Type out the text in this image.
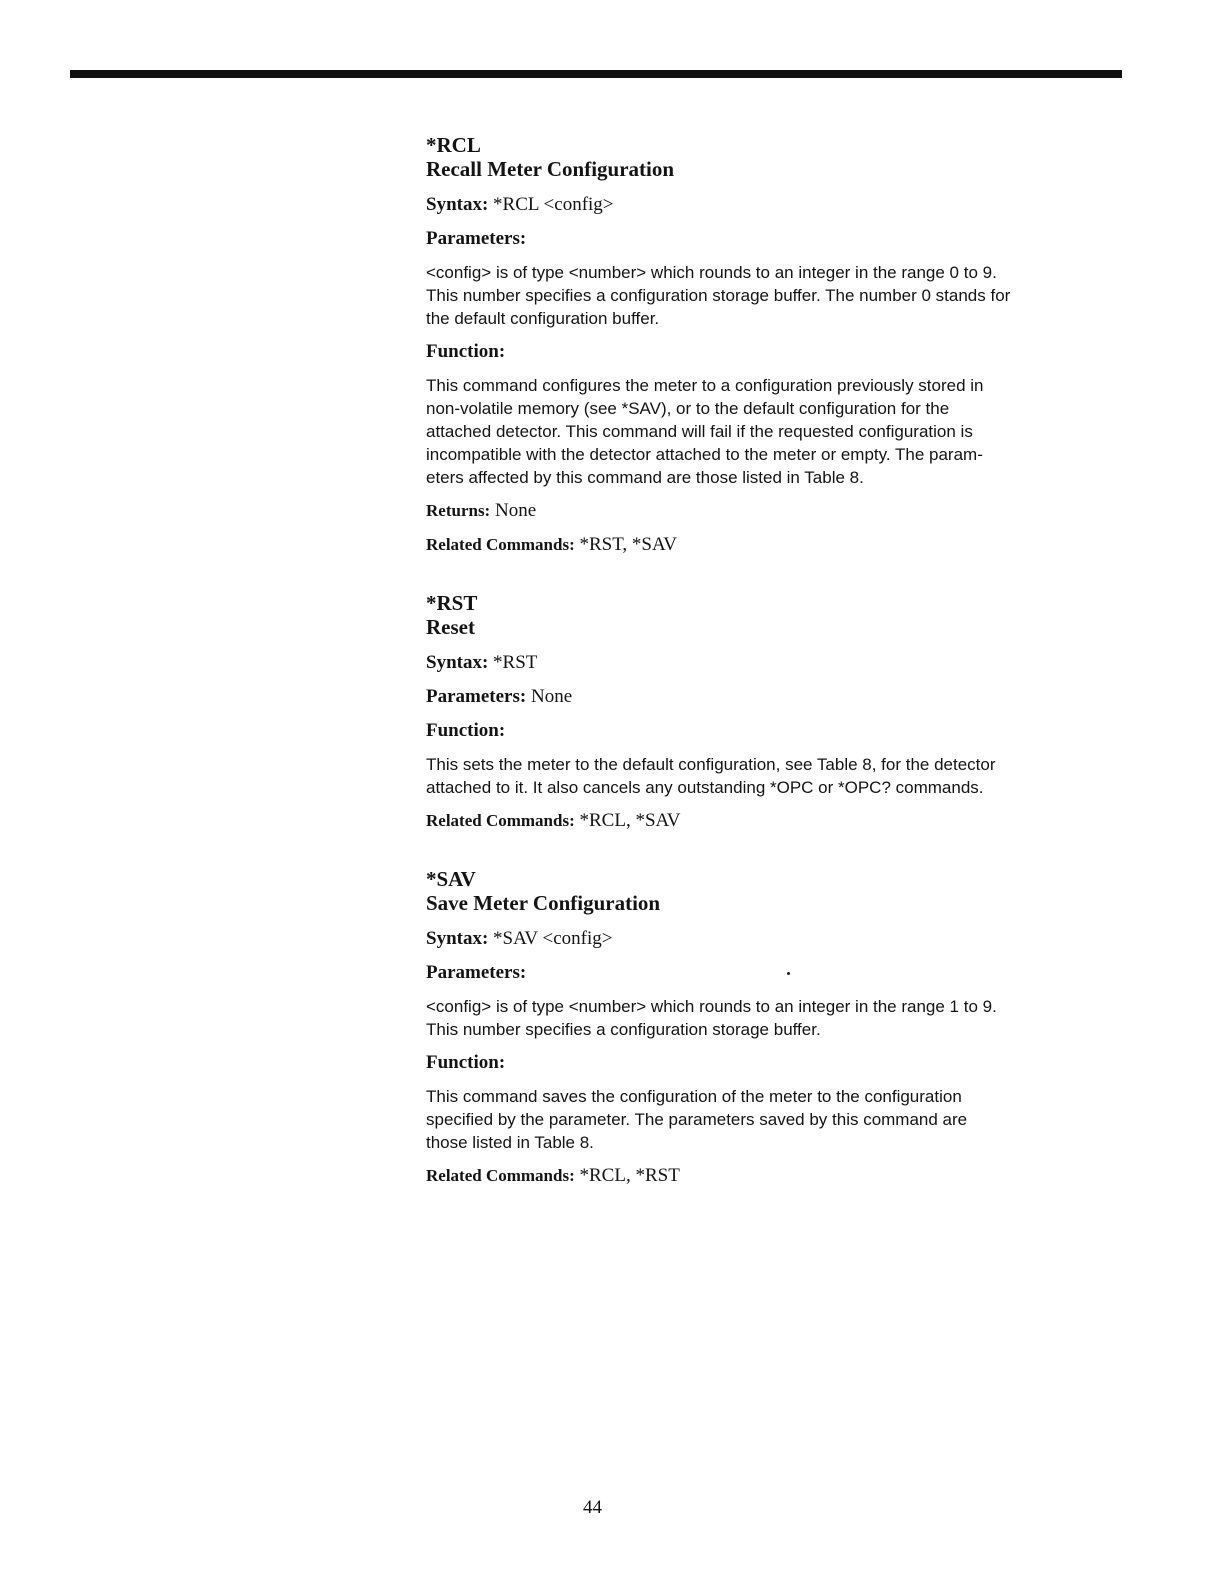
*RCL
Recall Meter Configuration
Syntax: *RCL <config>
Parameters:

<config> is of type <number> which rounds to an integer in the range 0 to 9.

This number specifies a configuration storage buffer. The number 0 stands for

the default configuration buffer.

Function:

This command configures the meter to a configuration previously stored in

non-volatile memory (see *SAV), or to the default configuration for the

attached detector. This command will fail if the requested configuration is

incompatible with the detector attached to the meter or empty. The param-

eters affected by this command are those listed in Table 8.

Returns: None
Related Commands: *RST, *SAV
*RST
Reset
Syntax: *RST
Parameters: None
Function:

This sets the meter to the default configuration, see Table 8, for the detector

attached to it. It also cancels any outstanding *OPC or *OPC? commands.

Related Commands: *RCL, *SAV
*SAV
Save Meter Configuration
Syntax: *SAV <config>
Parameters:

<config> is of type <number> which rounds to an integer in the range 1 to 9.

This number specifies a configuration storage buffer.

Function:

This command saves the configuration of the meter to the configuration

specified by the parameter. The parameters saved by this command are

those listed in Table 8.

Related Commands: *RCL, *RST
44
